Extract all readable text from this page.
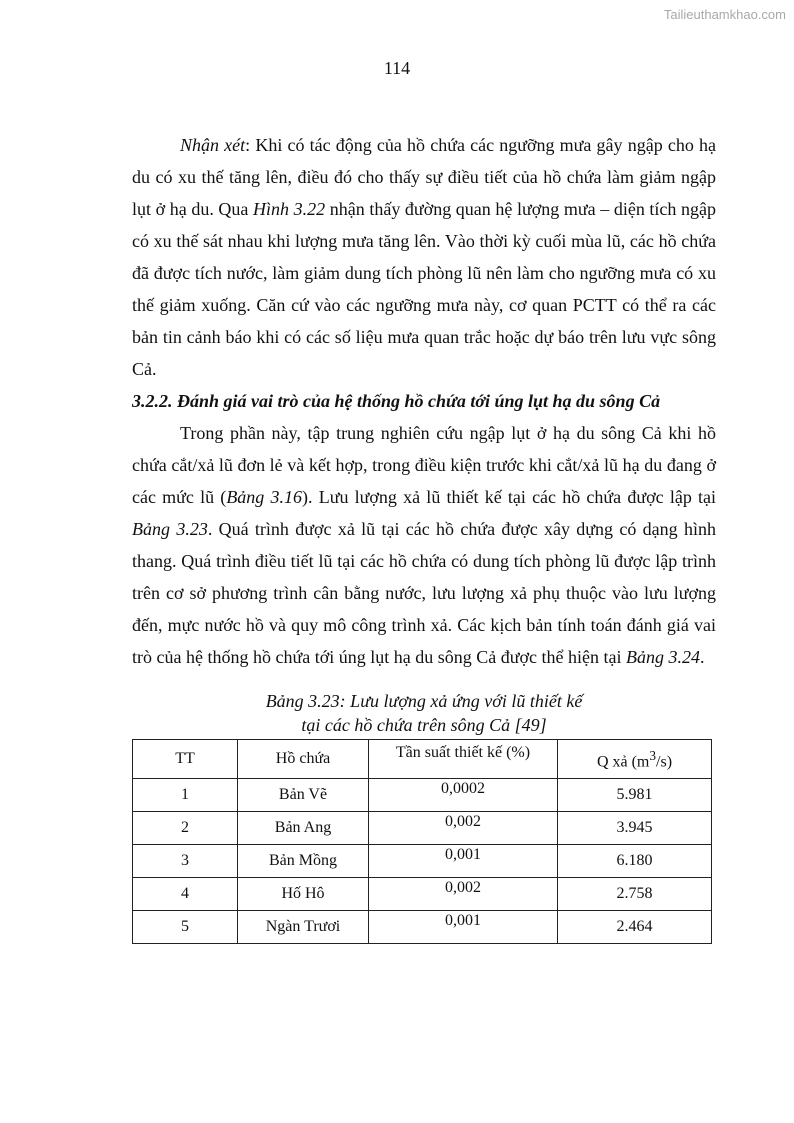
Tailieuthamkhao.com
114

Nhận xét: Khi có tác động của hồ chứa các ngưỡng mưa gây ngập cho hạ du có xu thế tăng lên, điều đó cho thấy sự điều tiết của hồ chứa làm giảm ngập lụt ở hạ du. Qua Hình 3.22 nhận thấy đường quan hệ lượng mưa – diện tích ngập có xu thế sát nhau khi lượng mưa tăng lên. Vào thời kỳ cuối mùa lũ, các hồ chứa đã được tích nước, làm giảm dung tích phòng lũ nên làm cho ngưỡng mưa có xu thế giảm xuống. Căn cứ vào các ngưỡng mưa này, cơ quan PCTT có thể ra các bản tin cảnh báo khi có các số liệu mưa quan trắc hoặc dự báo trên lưu vực sông Cả.

3.2.2. Đánh giá vai trò của hệ thống hồ chứa tới úng lụt hạ du sông Cả

Trong phần này, tập trung nghiên cứu ngập lụt ở hạ du sông Cả khi hồ chứa cắt/xả lũ đơn lẻ và kết hợp, trong điều kiện trước khi cắt/xả lũ hạ du đang ở các mức lũ (Bảng 3.16). Lưu lượng xả lũ thiết kế tại các hồ chứa được lập tại Bảng 3.23. Quá trình được xả lũ tại các hồ chứa được xây dựng có dạng hình thang. Quá trình điều tiết lũ tại các hồ chứa có dung tích phòng lũ được lập trình trên cơ sở phương trình cân bằng nước, lưu lượng xả phụ thuộc vào lưu lượng đến, mực nước hồ và quy mô công trình xả. Các kịch bản tính toán đánh giá vai trò của hệ thống hồ chứa tới úng lụt hạ du sông Cả được thể hiện tại Bảng 3.24.

Bảng 3.23: Lưu lượng xả ứng với lũ thiết kế
tại các hồ chứa trên sông Cả [49]
TT	Hồ chứa	Tần suất thiết kế (%)	Q xả $(m^3/s)$
1	Bản Vẽ	0,0002	5.981
2	Bản Ang	0,002	3.945
3	Bản Mồng	0,001	6.180
4	Hố Hô	0,002	2.758
5	Ngàn Trươi	0,001	2.464
